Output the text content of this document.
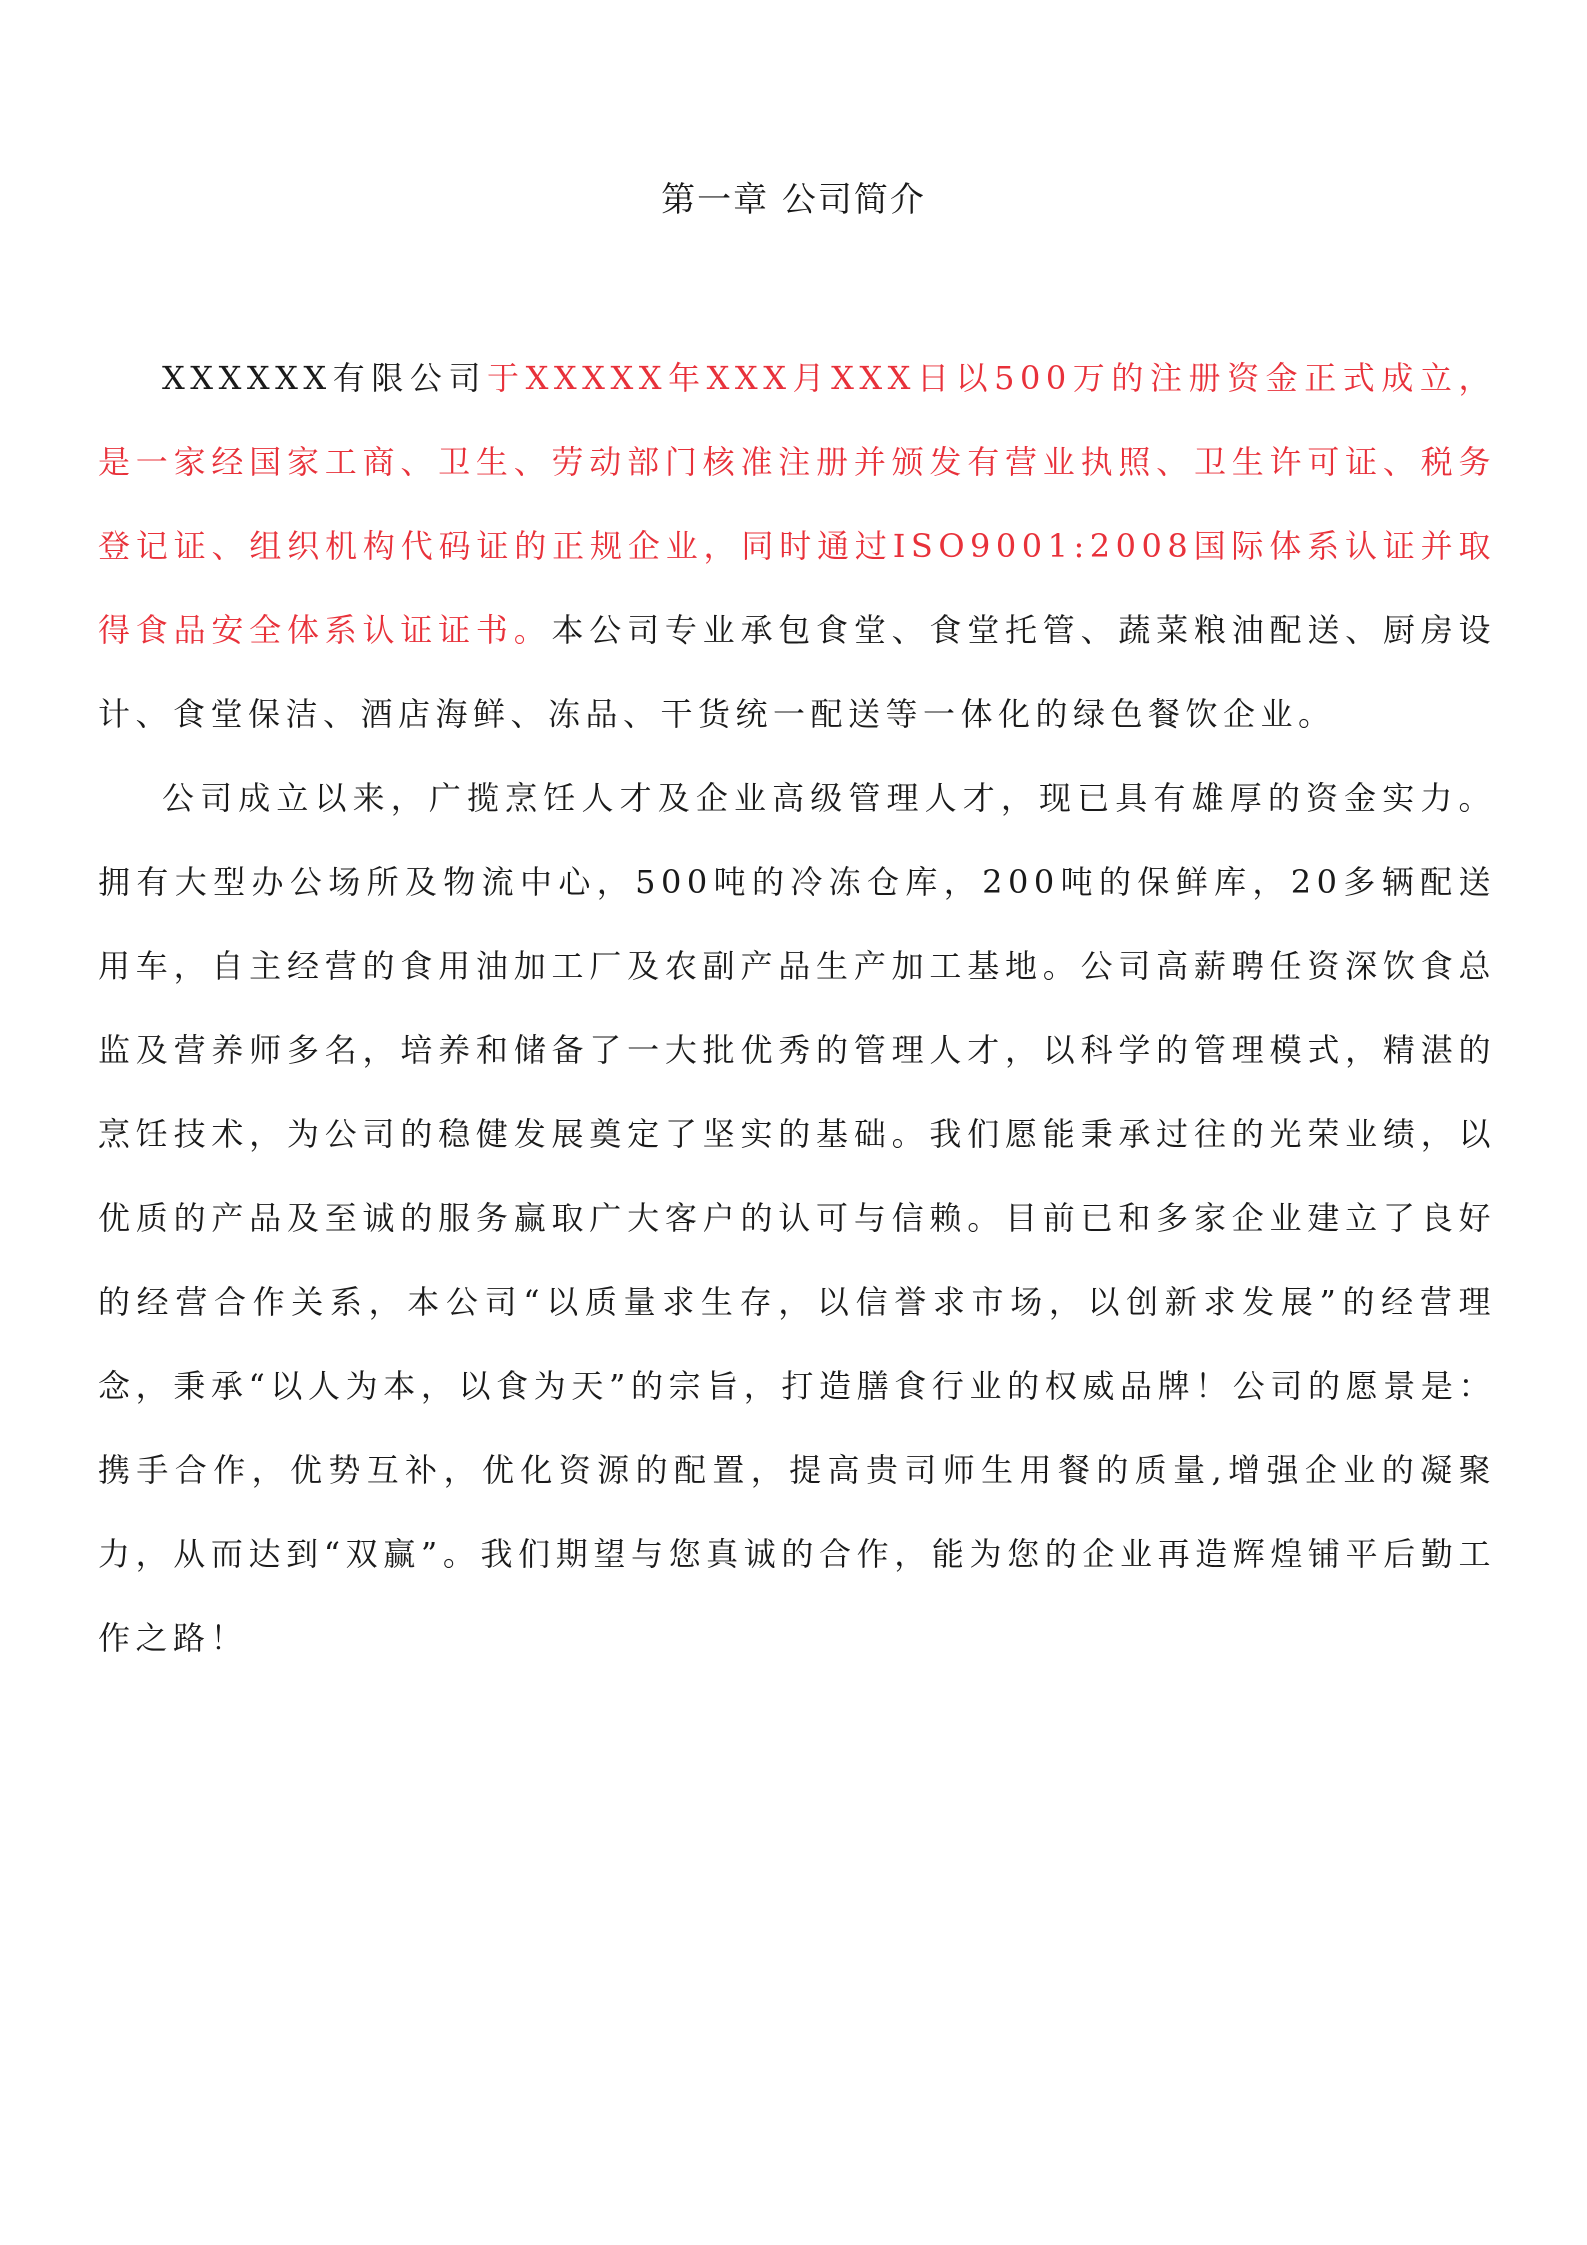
第一章 公司简介

XXXXXX有限公司于XXXXX年XXX月XXX日以500万的注册资金正式成立，是一家经国家工商、卫生、劳动部门核准注册并颁发有营业执照、卫生许可证、税务登记证、组织机构代码证的正规企业，同时通过ISO9001:2008国际体系认证并取得食品安全体系认证证书。本公司专业承包食堂、食堂托管、蔬菜粮油配送、厨房设计、食堂保洁、酒店海鲜、冻品、干货统一配送等一体化的绿色餐饮企业。

公司成立以来，广揽烹饪人才及企业高级管理人才，现已具有雄厚的资金实力。拥有大型办公场所及物流中心，500吨的冷冻仓库，200吨的保鲜库，20多辆配送用车，自主经营的食用油加工厂及农副产品生产加工基地。公司高薪聘任资深饮食总监及营养师多名，培养和储备了一大批优秀的管理人才，以科学的管理模式，精湛的烹饪技术，为公司的稳健发展奠定了坚实的基础。我们愿能秉承过往的光荣业绩，以优质的产品及至诚的服务赢取广大客户的认可与信赖。目前已和多家企业建立了良好的经营合作关系，本公司“以质量求生存，以信誉求市场，以创新求发展”的经营理念，秉承“以人为本，以食为天”的宗旨，打造膳食行业的权威品牌！公司的愿景是：携手合作，优势互补，优化资源的配置，提高贵司师生用餐的质量,增强企业的凝聚力，从而达到“双赢”。我们期望与您真诚的合作，能为您的企业再造辉煌铺平后勤工作之路！
